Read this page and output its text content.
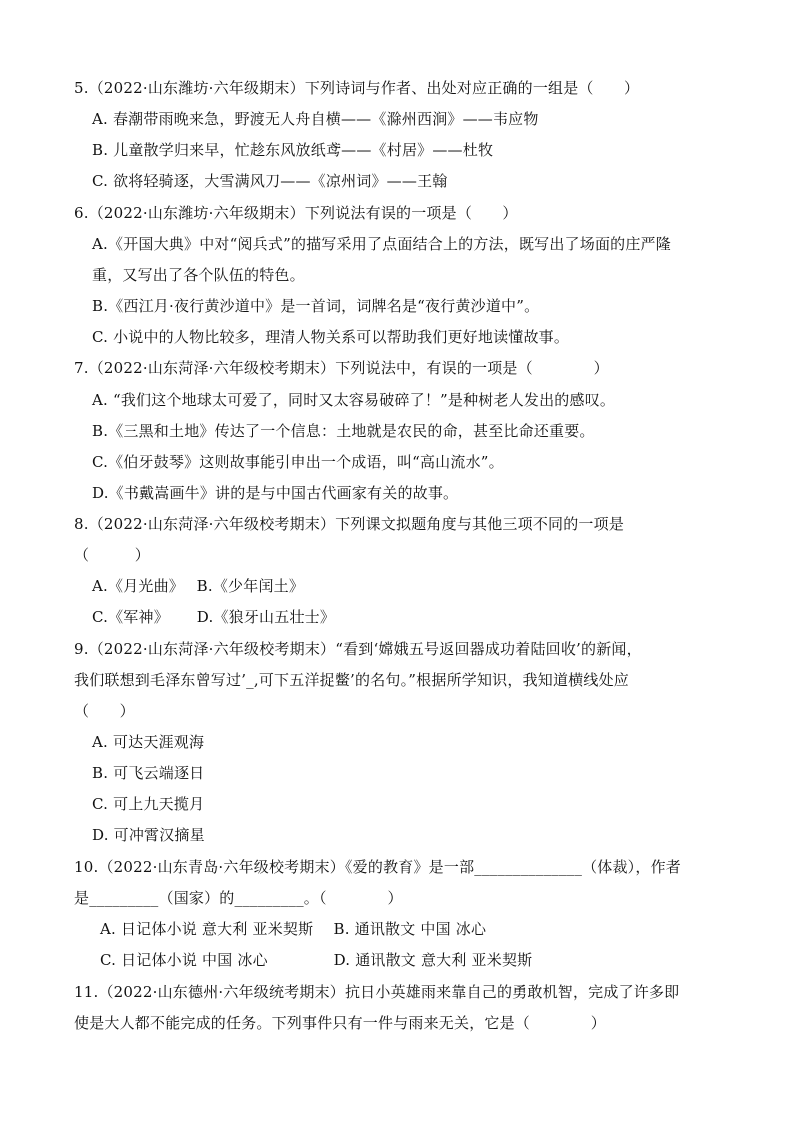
5.（2022·山东潍坊·六年级期末）下列诗词与作者、出处对应正确的一组是（　　）
A. 春潮带雨晚来急，野渡无人舟自横——《滁州西涧》——韦应物
B. 儿童散学归来早，忙趁东风放纸鸢——《村居》——杜牧
C. 欲将轻骑逐，大雪满风刀——《凉州词》——王翰
6.（2022·山东潍坊·六年级期末）下列说法有误的一项是（　　）
A.《开国大典》中对“阅兵式”的描写采用了点面结合上的方法，既写出了场面的庄严隆
重，又写出了各个队伍的特色。
B.《西江月·夜行黄沙道中》是一首词，词牌名是“夜行黄沙道中”。
C. 小说中的人物比较多，理清人物关系可以帮助我们更好地读懂故事。
7.（2022·山东菏泽·六年级校考期末）下列说法中，有误的一项是（　　　　）
A. “我们这个地球太可爱了，同时又太容易破碎了！”是种树老人发出的感叹。
B.《三黑和土地》传达了一个信息：土地就是农民的命，甚至比命还重要。
C.《伯牙鼓琴》这则故事能引申出一个成语，叫“高山流水”。
D.《书戴嵩画牛》讲的是与中国古代画家有关的故事。
8.（2022·山东菏泽·六年级校考期末）下列课文拟题角度与其他三项不同的一项是
（　　　）
A.《月光曲》　 B.《少年闰土》
C.《军神》　　 D.《狼牙山五壮士》
9.（2022·山东菏泽·六年级校考期末）“看到‘嫦娥五号返回器成功着陆回收’的新闻，
我们联想到毛泽东曾写过’_,可下五洋捉鳖’的名句。”根据所学知识，我知道横线处应
（　　）
A. 可达天涯观海
B. 可飞云端逐日
C. 可上九天揽月
D. 可冲霄汉摘星
10.（2022·山东青岛·六年级校考期末）《爱的教育》是一部______________（体裁），作者
是_________（国家）的_________。（　　　　）
A. 日记体小说 意大利 亚米契斯　 B. 通讯散文 中国 冰心
C. 日记体小说 中国 冰心　　　　 D. 通讯散文 意大利 亚米契斯
11.（2022·山东德州·六年级统考期末）抗日小英雄雨来靠自己的勇敢机智，完成了许多即
使是大人都不能完成的任务。下列事件只有一件与雨来无关，它是（　　　　）
